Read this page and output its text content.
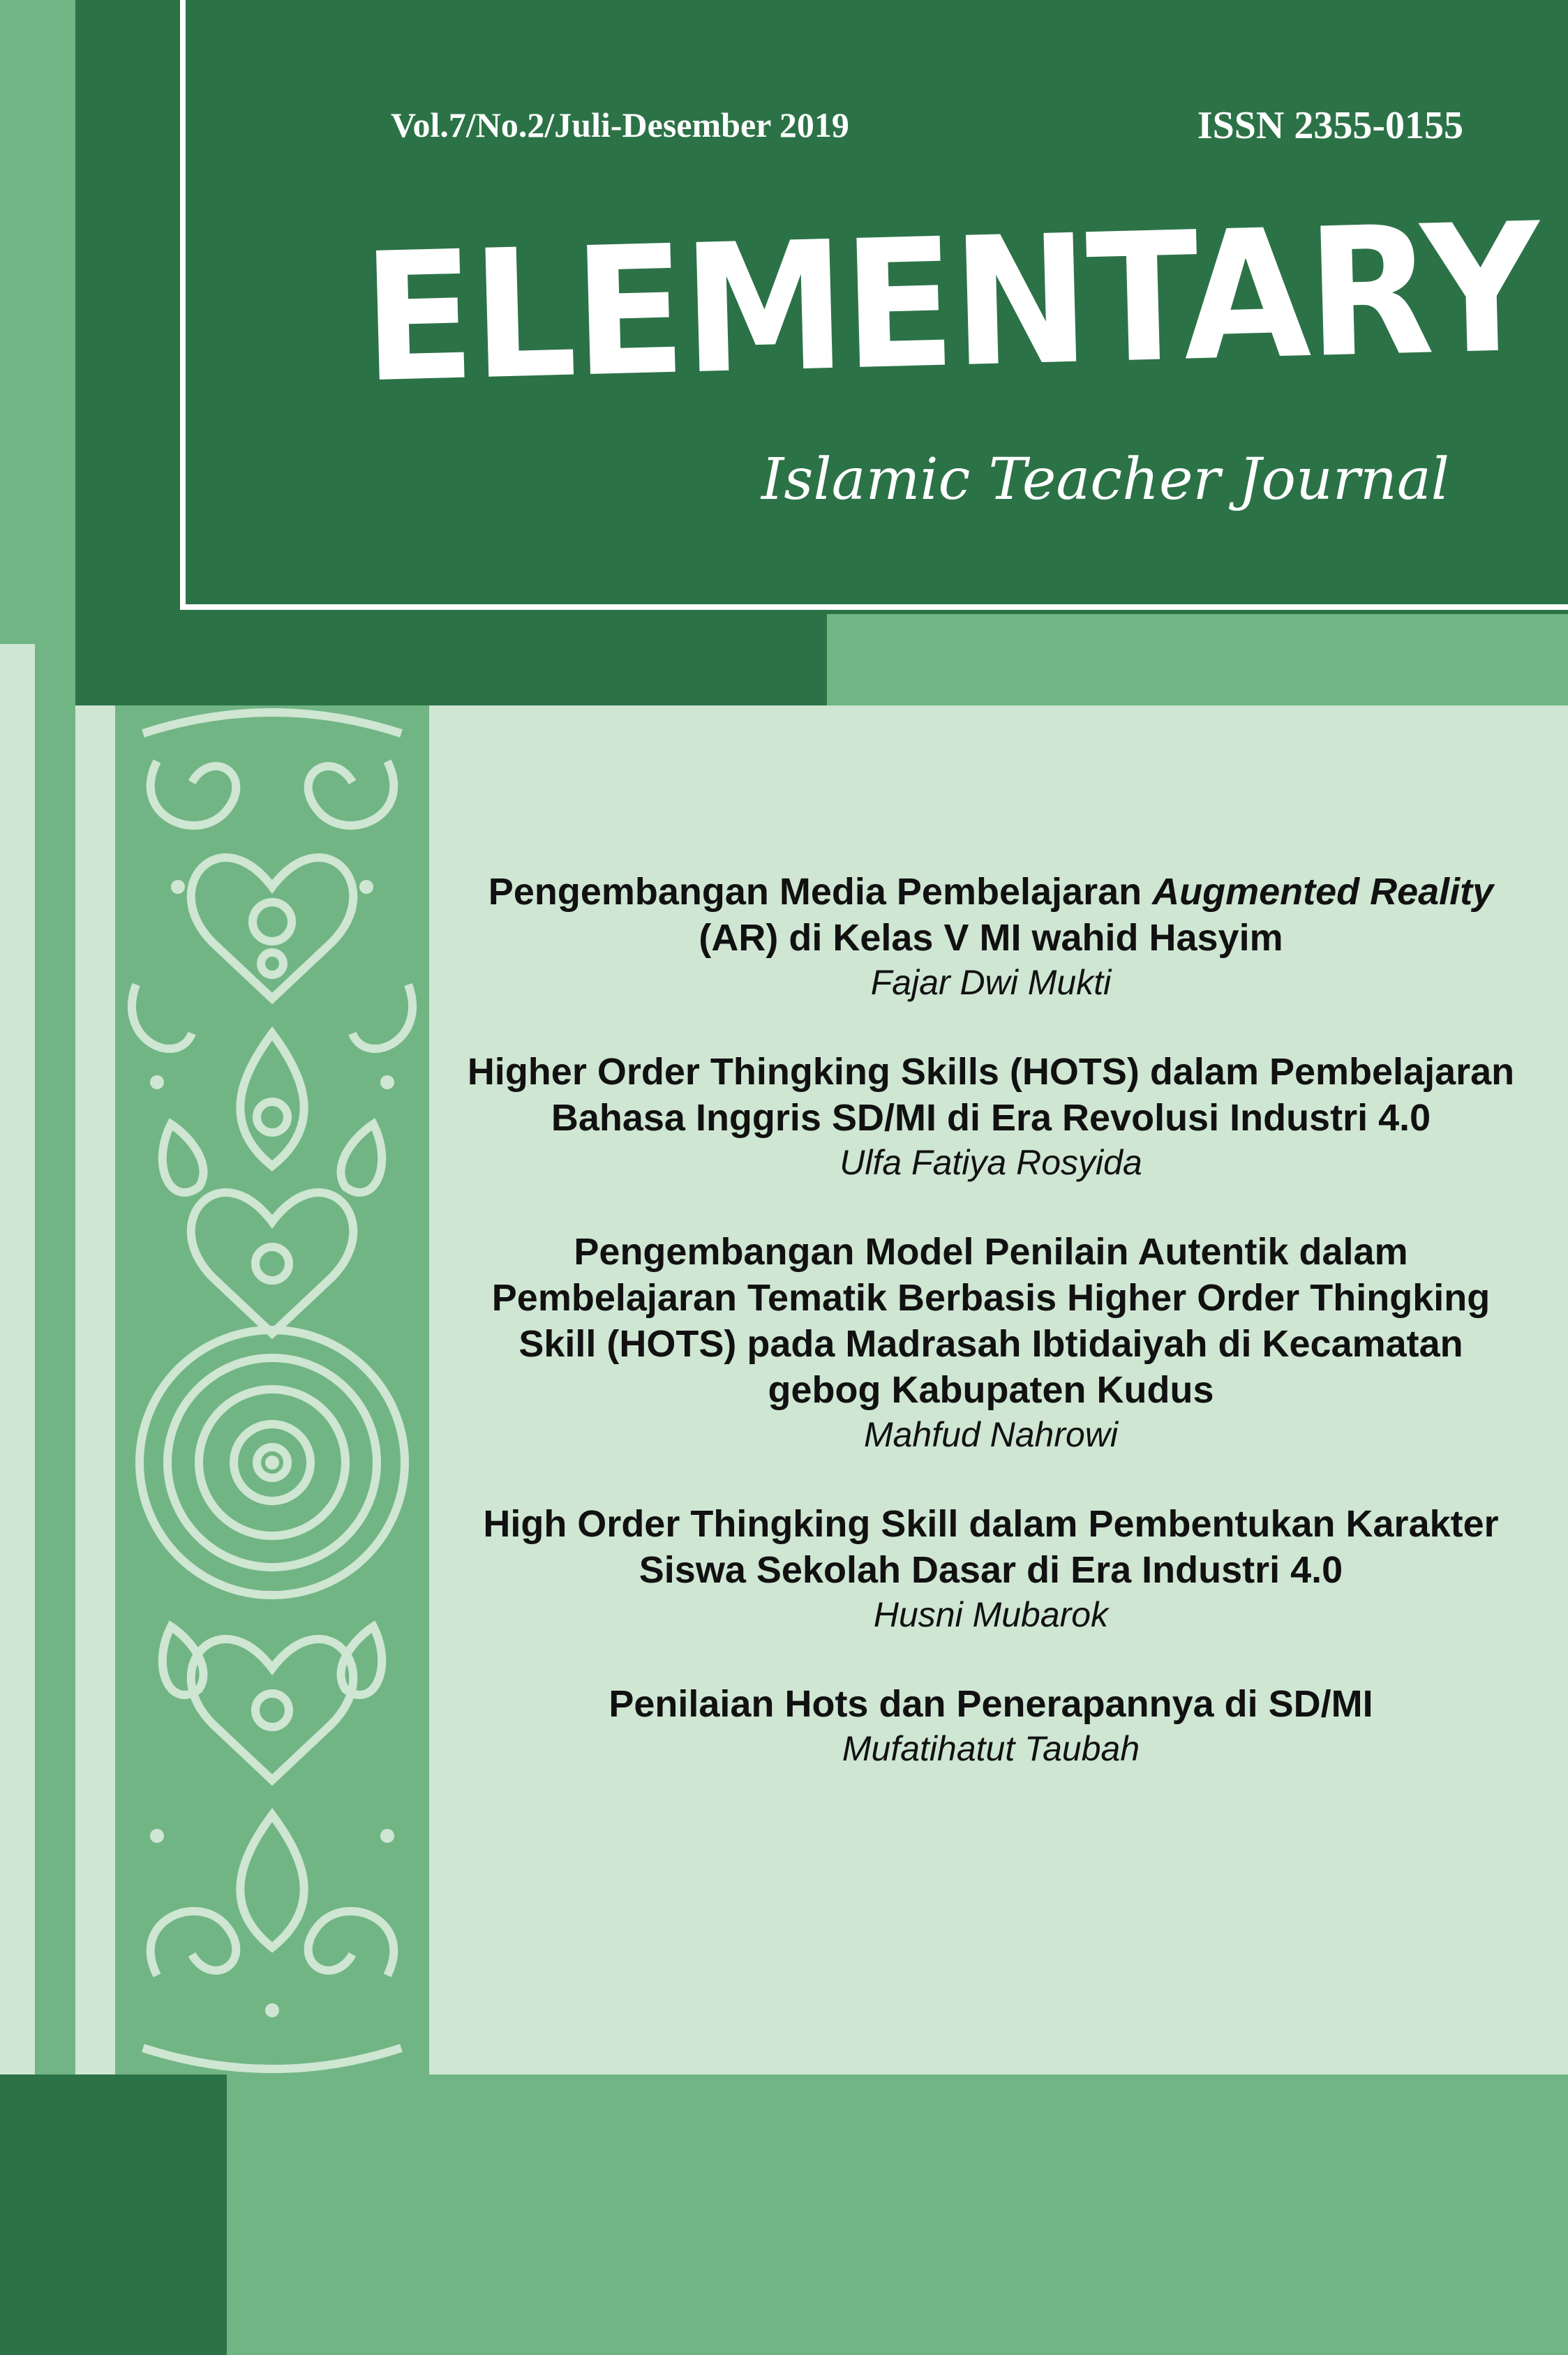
Vol.7/No.2/Juli-Desember 2019	ISSN 2355-0155
ELEMENTARY
Islamic Teacher Journal
Pengembangan Media Pembelajaran Augmented Reality (AR) di Kelas V MI wahid Hasyim
Fajar Dwi Mukti
Higher Order Thingking Skills (HOTS) dalam Pembelajaran Bahasa Inggris SD/MI di Era Revolusi Industri 4.0
Ulfa Fatiya Rosyida
Pengembangan Model Penilain Autentik dalam Pembelajaran Tematik Berbasis Higher Order Thingking Skill (HOTS) pada Madrasah Ibtidaiyah di Kecamatan gebog Kabupaten Kudus
Mahfud Nahrowi
High Order Thingking Skill dalam Pembentukan Karakter Siswa Sekolah Dasar di Era Industri 4.0
Husni Mubarok
Penilaian Hots dan Penerapannya di SD/MI
Mufatihatut Taubah
